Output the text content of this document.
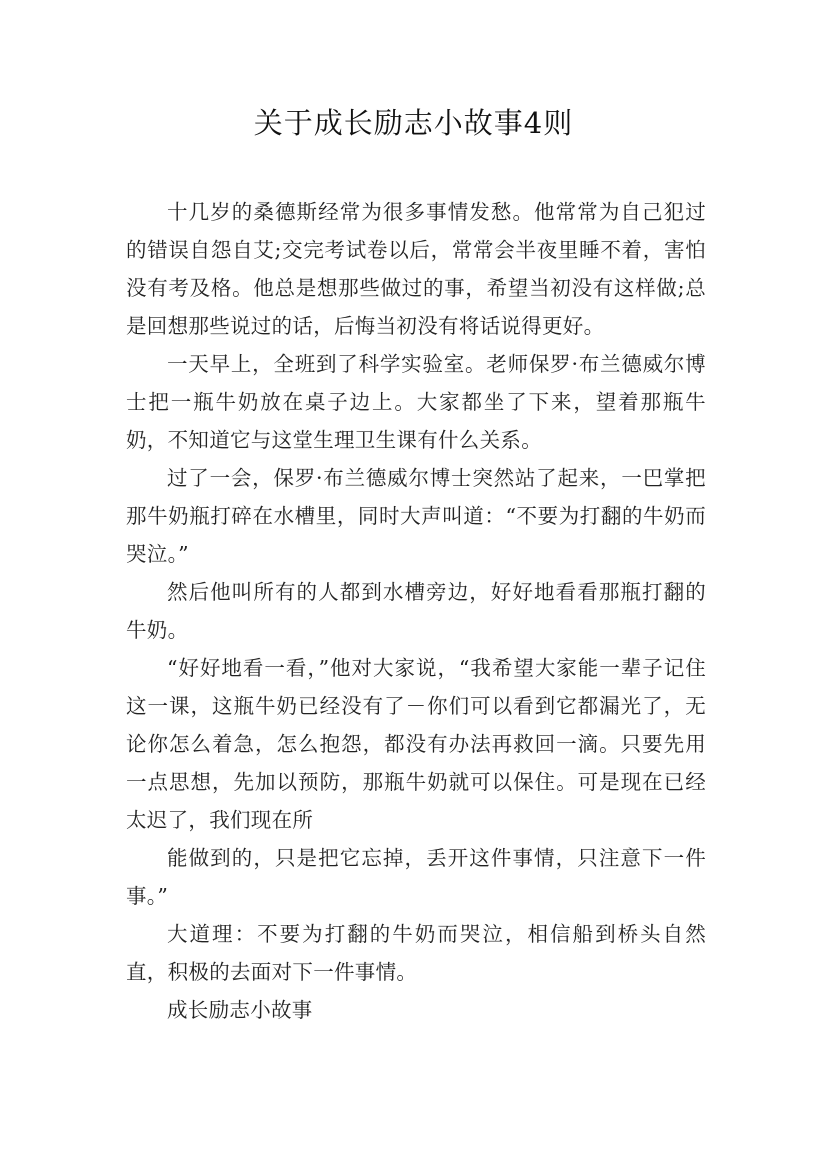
关于成长励志小故事4则

十几岁的桑德斯经常为很多事情发愁。他常常为自己犯过的错误自怨自艾;交完考试卷以后，常常会半夜里睡不着，害怕没有考及格。他总是想那些做过的事，希望当初没有这样做;总是回想那些说过的话，后悔当初没有将话说得更好。

一天早上，全班到了科学实验室。老师保罗·布兰德威尔博士把一瓶牛奶放在桌子边上。大家都坐了下来，望着那瓶牛奶，不知道它与这堂生理卫生课有什么关系。

过了一会，保罗·布兰德威尔博士突然站了起来，一巴掌把那牛奶瓶打碎在水槽里，同时大声叫道：“不要为打翻的牛奶而哭泣。”

然后他叫所有的人都到水槽旁边，好好地看看那瓶打翻的牛奶。

“好好地看一看，”他对大家说，“我希望大家能一辈子记住这一课，这瓶牛奶已经没有了－你们可以看到它都漏光了，无论你怎么着急，怎么抱怨，都没有办法再救回一滴。只要先用一点思想，先加以预防，那瓶牛奶就可以保住。可是现在已经太迟了，我们现在所

能做到的，只是把它忘掉，丢开这件事情，只注意下一件事。”

大道理：不要为打翻的牛奶而哭泣，相信船到桥头自然直，积极的去面对下一件事情。

成长励志小故事
